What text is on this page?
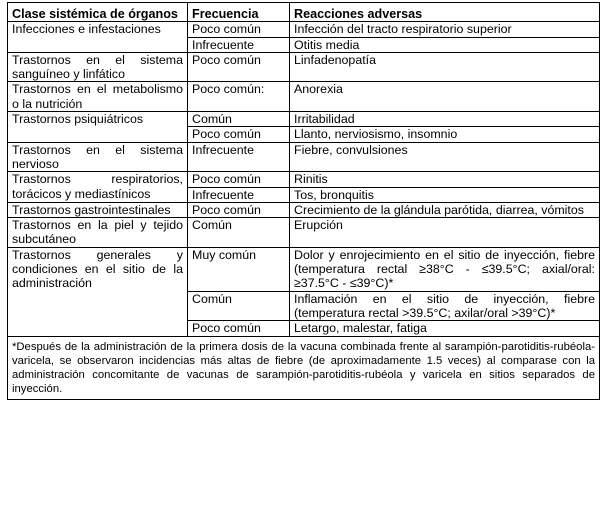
Clase sistémica de órganos	Frecuencia	Reacciones adversas
Infecciones e infestaciones	Poco común	Infección del tracto respiratorio superior
	Infrecuente	Otitis media
Trastornos en el sistema sanguíneo y linfático	Poco común	Linfadenopatía
Trastornos en el metabolismo o la nutrición	Poco común:	Anorexia
Trastornos psiquiátricos	Común	Irritabilidad
	Poco común	Llanto, nerviosismo, insomnio
Trastornos en el sistema nervioso	Infrecuente	Fiebre, convulsiones
Trastornos respiratorios, torácicos y mediastínicos	Poco común	Rinitis
	Infrecuente	Tos, bronquitis
Trastornos gastrointestinales	Poco común	Crecimiento de la glándula parótida, diarrea, vómitos
Trastornos en la piel y tejido subcutáneo	Común	Erupción
Trastornos generales y condiciones en el sitio de la administración	Muy común	Dolor y enrojecimiento en el sitio de inyección, fiebre (temperatura rectal ≥38°C - ≤39.5°C; axial/oral: ≥37.5°C - ≤39°C)*
	Común	Inflamación en el sitio de inyección, fiebre (temperatura rectal >39.5°C; axilar/oral >39°C)*
	Poco común	Letargo, malestar, fatiga
*Después de la administración de la primera dosis de la vacuna combinada frente al sarampión-parotiditis-rubéola-varicela, se observaron incidencias más altas de fiebre (de aproximadamente 1.5 veces) al comparase con la administración concomitante de vacunas de sarampión-parotiditis-rubéola y varicela en sitios separados de inyección.		
